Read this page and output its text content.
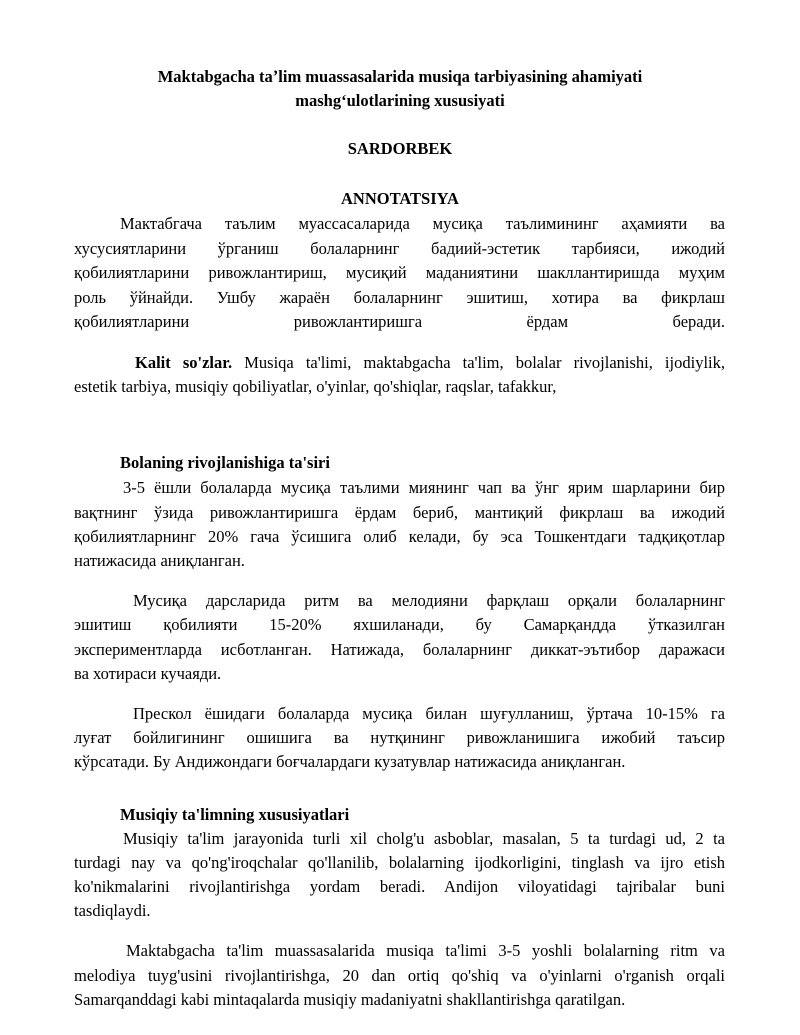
Maktabgacha taʼlim muassasalarida musiqa tarbiyasining ahamiyati
mashgʻulotlarining xususiyati
SARDORBEK
ANNOTATSIYA
Мактабгача таълим муассасаларида мусиқа таълимининг аҳамияти ва
хусусиятларини ўрганиш болаларнинг бадиий-эстетик тарбияси, ижодий
қобилиятларини ривожлантириш, мусиқий маданиятини шакллантиришда муҳим
роль ўйнайди. Ушбу жараён болаларнинг эшитиш, хотира ва фикрлаш
қобилиятларини ривожлантиришга ёрдам беради.
Kalit so'zlar. Musiqa ta'limi, maktabgacha ta'lim, bolalar rivojlanishi, ijodiylik,
estetik tarbiya, musiqiy qobiliyatlar, o'yinlar, qo'shiqlar, raqslar, tafakkur,
Bolaning rivojlanishiga ta'siri
3-5 ёшли болаларда мусиқа таълими миянинг чап ва ўнг ярим шарларини бир
вақтнинг ўзида ривожлантиришга ёрдам бериб, мантиқий фикрлаш ва ижодий
қобилиятларнинг 20% гача ўсишига олиб келади, бу эса Тошкентдаги тадқиқотлар
натижасида аниқланган.
Мусиқа дарсларида ритм ва мелодияни фарқлаш орқали болаларнинг
эшитиш қобилияти 15-20% яхшиланади, бу Самарқандда ўтказилган
экспериментларда исботланган. Натижада, болаларнинг диккат-эътибор даражаси
ва хотираси кучаяди.
Прескол ёшидаги болаларда мусиқа билан шуғулланиш, ўртача 10-15% га
луғат бойлигининг ошишига ва нутқининг ривожланишига ижобий таъсир
кўрсатади. Бу Андижондаги боғчалардаги кузатувлар натижасида аниқланган.
Musiqiy ta'limning xususiyatlari
Musiqiy ta'lim jarayonida turli xil cholg'u asboblar, masalan, 5 ta turdagi ud, 2 ta
turdagi nay va qo'ng'iroqchalar qo'llanilib, bolalarning ijodkorligini, tinglash va ijro etish
ko'nikmalarini rivojlantirishga yordam beradi. Andijon viloyatidagi tajribalar buni
tasdiqlaydi.
Maktabgacha ta'lim muassasalarida musiqa ta'limi 3-5 yoshli bolalarning ritm va
melodiya tuyg'usini rivojlantirishga, 20 dan ortiq qo'shiq va o'yinlarni o'rganish orqali
Samarqanddagi kabi mintaqalarda musiqiy madaniyatni shakllantirishga qaratilgan.
